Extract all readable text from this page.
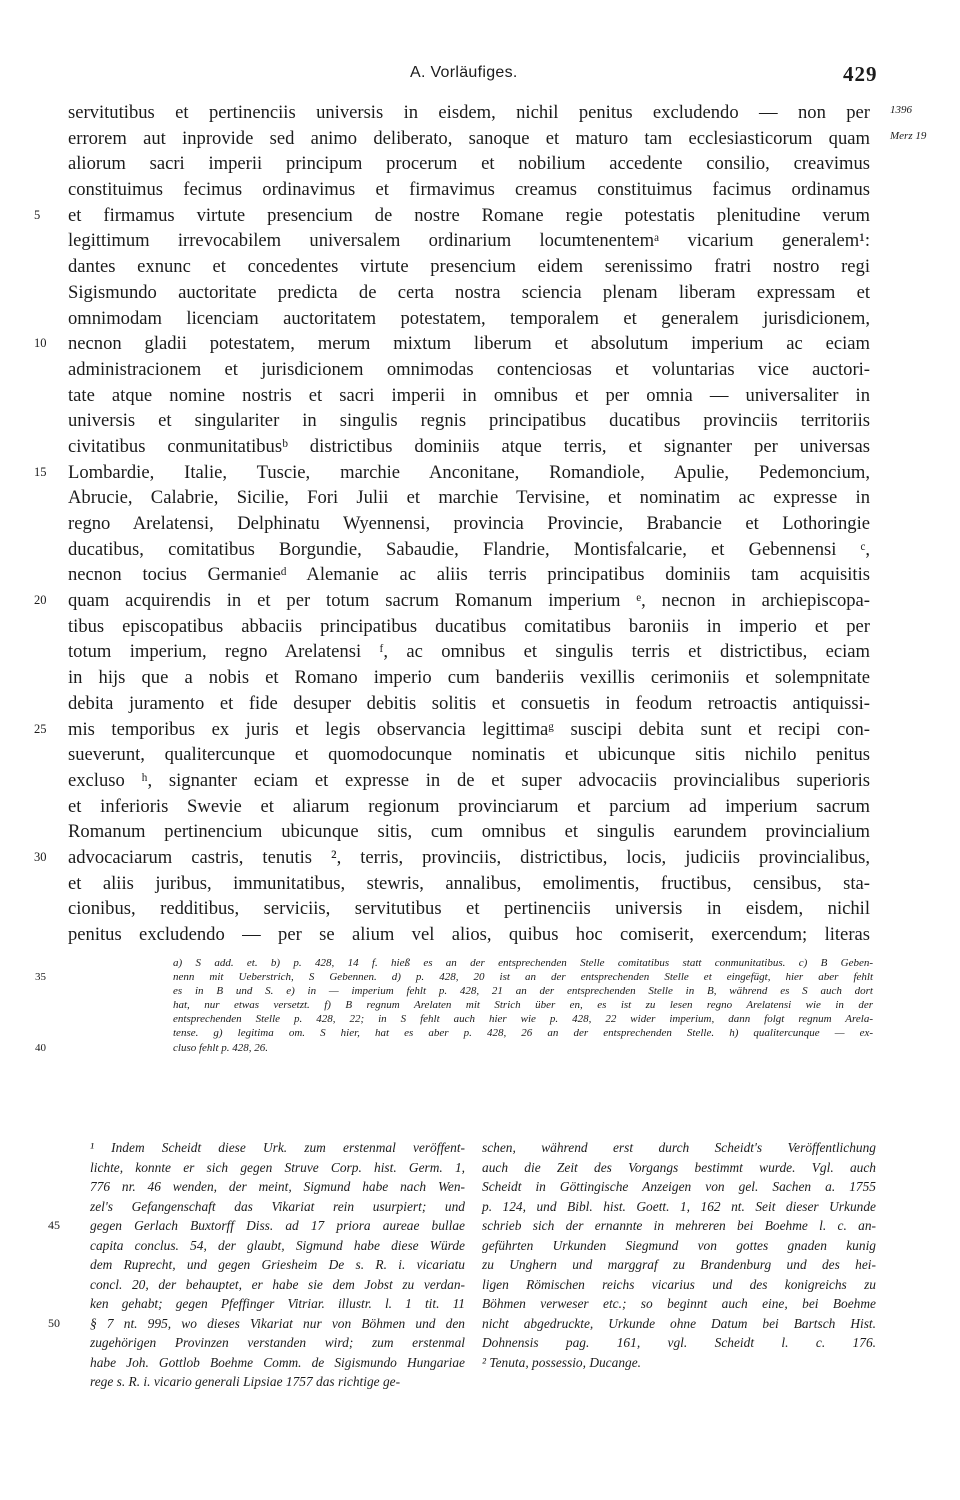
A. Vorläufiges.	429
1396
Merz 19
servitutibus et pertinenciis universis in eisdem, nichil penitus excludendo — non per
errorem aut inprovide sed animo deliberato, sanoque et maturo tam ecclesiasticorum quam
aliorum sacri imperii principum procerum et nobilium accedente consilio, creavimus
constituimus fecimus ordinavimus et firmavimus creamus constituimus facimus ordinamus
5	et firmamus virtute presencium de nostre Romane regie potestatis plenitudine verum
legittimum irrevocabilem universalem ordinarium locumtenentemᵃ vicarium generalem¹:
dantes exnunc et concedentes virtute presencium eidem serenissimo fratri nostro regi
Sigismundo auctoritate predicta de certa nostra sciencia plenam liberam expressam et
omnimodam licenciam auctoritatem potestatem, temporalem et generalem jurisdicionem,
10	necnon gladii potestatem, merum mixtum liberum et absolutum imperium ac eciam
administracionem et jurisdicionem omnimodas contenciosas et voluntarias vice auctori-
tate atque nomine nostris et sacri imperii in omnibus et per omnia — universaliter in
universis et singulariter in singulis regnis principatibus ducatibus provinciis territoriis
civitatibus conmunitatibusᵇ districtibus dominiis atque terris, et signanter per universas
15	Lombardie, Italie, Tuscie, marchie Anconitane, Romandiole, Apulie, Pedemoncium,
Abrucie, Calabrie, Sicilie, Fori Julii et marchie Tervisine, et nominatim ac expresse in
regno Arelatensi, Delphinatu Wyennensi, provincia Provincie, Brabancie et Lothoringie
ducatibus, comitatibus Borgundie, Sabaudie, Flandrie, Montisfalcarie, et Gebennensi ᶜ,
necnon tocius Germanieᵈ Alemanie ac aliis terris principatibus dominiis tam acquisitis
20	quam acquirendis in et per totum sacrum Romanum imperium ᵉ, necnon in archiepiscopa-
tibus episcopatibus abbaciis principatibus ducatibus comitatibus baroniis in imperio et per
totum imperium, regno Arelatensi ᶠ, ac omnibus et singulis terris et districtibus, eciam
in hijs que a nobis et Romano imperio cum banderiis vexillis cerimoniis et solempnitate
debita juramento et fide desuper debitis solitis et consuetis in feodum retroactis antiquissi-
25	mis temporibus ex juris et legis observancia legittimaᵍ suscipi debita sunt et recipi con-
sueverunt, qualitercunque et quomodocunque nominatis et ubicunque sitis nichilo penitus
excluso ʰ, signanter eciam et expresse in de et super advocaciis provincialibus superioris
et inferioris Swevie et aliarum regionum provinciarum et parcium ad imperium sacrum
Romanum pertinencium ubicunque sitis, cum omnibus et singulis earundem provincialium
30	advocaciarum castris, tenutis ², terris, provinciis, districtibus, locis, judiciis provincialibus,
et aliis juribus, immunitatibus, stewris, annalibus, emolimentis, fructibus, censibus, sta-
cionibus, redditibus, serviciis, servitutibus et pertinenciis universis in eisdem, nichil
penitus excludendo — per se alium vel alios, quibus hoc comiserit, exercendum; literas
a) S add. et. b) p. 428, 14 f. hieß es an der entsprechenden Stelle comitatibus statt conmunitatibus. c) B Geben-
35	nenn mit Ueberstrich, S Gebennen. d) p. 428, 20 ist an der entsprechenden Stelle et eingefügt, hier aber fehlt
es in B und S. e) in — imperium fehlt p. 428, 21 an der entsprechenden Stelle in B, während es S auch dort
hat, nur etwas versetzt. f) B regnum Arelaten mit Strich über en, es ist zu lesen regno Arelatensi wie in der
entsprechenden Stelle p. 428, 22; in S fehlt auch hier wie p. 428, 22 wider imperium, dann folgt regnum Arela-
tense. g) legitima om. S hier, hat es aber p. 428, 26 an der entsprechenden Stelle. h) qualitercunque — ex-
40	cluso fehlt p. 428, 26.
¹ Indem Scheidt diese Urk. zum erstenmal veröffent-
lichte, konnte er sich gegen Struve Corp. hist. Germ. 1,
776 nr. 46 wenden, der meint, Sigmund habe nach Wen-
zel's Gefangenschaft das Vikariat rein usurpiert; und
45 gegen Gerlach Buxtorff Diss. ad 17 priora aureae bullae
capita conclus. 54, der glaubt, Sigmund habe diese Würde
dem Ruprecht, und gegen Griesheim De s. R. i. vicariatu
concl. 20, der behauptet, er habe sie dem Jobst zu verdan-
ken gehabt; gegen Pfeffinger Vitriar. illustr. l. 1 tit. 11
50 § 7 nt. 995, wo dieses Vikariat nur von Böhmen und den
zugehörigen Provinzen verstanden wird; zum erstenmal
habe Joh. Gottlob Boehme Comm. de Sigismundo Hungariae
rege s. R. i. vicario generali Lipsiae 1757 das richtige ge-
schen, während erst durch Scheidt's Veröffentlichung
auch die Zeit des Vorgangs bestimmt wurde. Vgl. auch
Scheidt in Göttingische Anzeigen von gel. Sachen a. 1755
p. 124, und Bibl. hist. Goett. 1, 162 nt. Seit dieser Urkunde
schrieb sich der ernannte in mehreren bei Boehme l. c. an-
geführten Urkunden Siegmund von gottes gnaden kunig
zu Unghern und marggraf zu Brandenburg und des hei-
ligen Römischen reichs vicarius und des konigreichs zu
Böhmen verweser etc.; so beginnt auch eine, bei Boehme
nicht abgedruckte, Urkunde ohne Datum bei Bartsch Hist.
Dohnensis pag. 161, vgl. Scheidt l. c. 176.
² Tenuta, possessio, Ducange.
